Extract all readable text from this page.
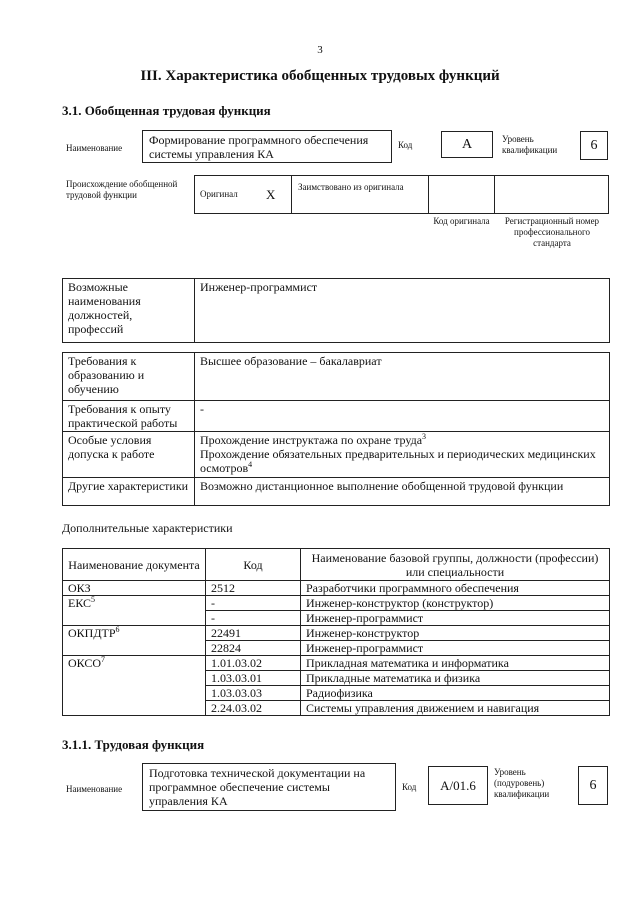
3
III. Характеристика обобщенных трудовых функций
3.1. Обобщенная трудовая функция
Наименование
Формирование программного обеспечения системы управления КА
Код	A	Уровень квалификации	6
Происхождение обобщенной трудовой функции	Оригинал X	Заимствовано из оригинала
Код оригинала	Регистрационный номер профессионального стандарта
Возможные наименования должностей, профессий	Инженер-программист
Требования к образованию и обучению	Высшее образование – бакалавриат

Требования к опыту практической работы	-

Особые условия допуска к работе	Прохождение инструктажа по охране труда$^3$
Прохождение обязательных предварительных и периодических медицинских осмотров$^4$

Другие характеристики	Возможно дистанционное выполнение обобщенной трудовой функции
Дополнительные характеристики
Наименование документа	Код	Наименование базовой группы, должности (профессии) или специальности
ОКЗ	2512	Разработчики программного обеспечения
ЕКС$^5$	-	Инженер-конструктор (конструктор)
	-	Инженер-программист
ОКПДТР$^6$	22491	Инженер-конструктор
	22824	Инженер-программист
ОКСО$^7$	1.01.03.02	Прикладная математика и информатика
	1.03.03.01	Прикладные математика и физика
	1.03.03.03	Радиофизика
	2.24.03.02	Системы управления движением и навигация
3.1.1. Трудовая функция
Наименование
Подготовка технической документации на программное обеспечение системы управления КА
Код	A/01.6
Уровень (подуровень) квалификации
6
